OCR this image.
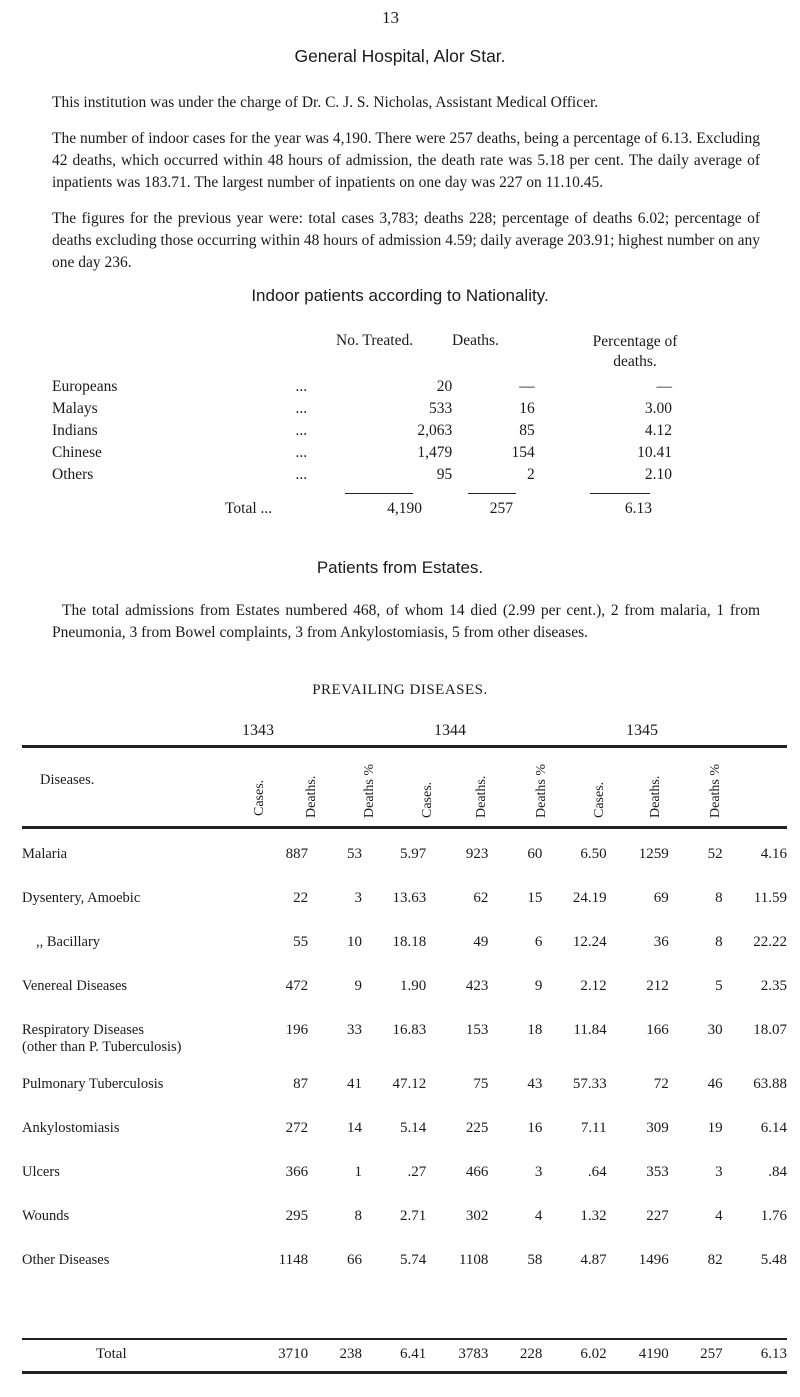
13
General Hospital, Alor Star.
This institution was under the charge of Dr. C. J. S. Nicholas, Assistant Medical Officer.
The number of indoor cases for the year was 4,190. There were 257 deaths, being a percentage of 6.13. Excluding 42 deaths, which occurred within 48 hours of admission, the death rate was 5.18 per cent. The daily average of inpatients was 183.71. The largest number of inpatients on one day was 227 on 11.10.45.
The figures for the previous year were: total cases 3,783; deaths 228; percentage of deaths 6.02; percentage of deaths excluding those occurring within 48 hours of admission 4.59; daily average 203.91; highest number on any one day 236.
Indoor patients according to Nationality.
No. Treated.	Deaths.	Percentage of deaths.
Europeans	...	20	—	—
Malays	...	533	16	3.00
Indians	...	2,063	85	4.12
Chinese	...	1,479	154	10.41
Others	...	95	2	2.10
Total ...	4,190	257	6.13
Patients from Estates.
The total admissions from Estates numbered 468, of whom 14 died (2.99 per cent.), 2 from malaria, 1 from Pneumonia, 3 from Bowel complaints, 3 from Ankylostomiasis, 5 from other diseases.
PREVAILING DISEASES.
1343	1344	1345
Diseases.	Cases.	Deaths.	Deaths %	Cases.	Deaths.	Deaths %	Cases.	Deaths.	Deaths %
Malaria	887	53	5.97	923	60	6.50	1259	52	4.16
Dysentery, Amoebic	22	3	13.63	62	15	24.19	69	8	11.59
,, Bacillary	55	10	18.18	49	6	12.24	36	8	22.22
Venereal Diseases	472	9	1.90	423	9	2.12	212	5	2.35
Respiratory Diseases
(other than P. Tuberculosis)	196	33	16.83	153	18	11.84	166	30	18.07
Pulmonary Tuberculosis	87	41	47.12	75	43	57.33	72	46	63.88
Ankylostomiasis	272	14	5.14	225	16	7.11	309	19	6.14
Ulcers	366	1	.27	466	3	.64	353	3	.84
Wounds	295	8	2.71	302	4	1.32	227	4	1.76
Other Diseases	1148	66	5.74	1108	58	4.87	1496	82	5.48
Total	3710	238	6.41	3783	228	6.02	4190	257	6.13
